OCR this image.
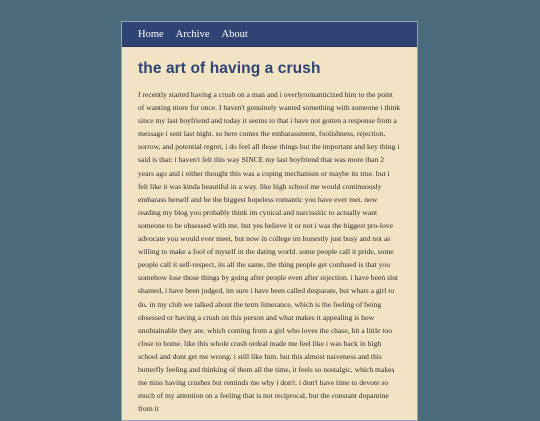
Home Archive About
the art of having a crush

I recently started having a crush on a man and i overlyromanticized him to the point of wanting more for once. I haven't genuinely wanted something with someone i think since my last boyfriend and today it seems to that i have not gotten a response from a message i sent last night. so here comes the embarassment, foolishness, rejection, sorrow, and potential regret, i do feel all those things but the important and key thing i said is that: i haven't felt this way SINCE my last boyfriend that was more than 2 years ago and i either thought this was a coping mechanism or maybe its true. but i felt like it was kinda beautiful in a way. like high school me would continuously embarass herself and be the biggest hopeless romantic you have ever met. now reading my blog you probably think im cynical and narcissitic to actually want someone to be obsessed with me. but yes believe it or not i was the biggest pro-love advocate you would ever meet, but now in college im honestly just busy and not as willing to make a fool of myself in the dating world. some people call it pride, some people call it self-respect, its all the same, the thing people get confused is that you somehow lose those things by going after people even after rejection. i have been slut shamed, i have been judged, im sure i have been called desparate, but whats a girl to do. in my club we talked about the term limerance, which is the feeling of being obsessed or having a crush on this person and what makes it appealing is how unobtainable they are. which coming from a girl who loves the chase, hit a little too close to home. like this whole crush ordeal made me feel like i was back in high school and dont get me wrong: i still like him. but this almost naiveness and this butterfly feeling and thinking of them all the time, it feels so nostalgic, which makes me miss having crushes but reminds me why i don't. i don't have time to devote so much of my attention on a feeling that is not reciprocal, but the constant dopamine from it
